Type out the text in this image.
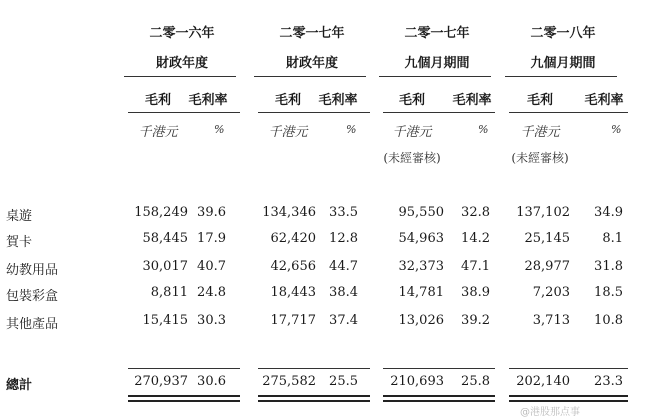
二零一六年
財政年度
毛利	毛利率
千港元	%
二零一七年
財政年度
毛利	毛利率
千港元	%
二零一七年
九個月期間
毛利	毛利率
千港元	%
(未經審核)
二零一八年
九個月期間
毛利	毛利率
千港元	%
(未經審核)
桌遊	158,249 39.6	134,346	33.5	95,550	32.8	137,102	34.9
賀卡	58,445 17.9	62,420	12.8	54,963	14.2	25,145	8.1
幼教用品	30,017 40.7	42,656	44.7	32,373	47.1	28,977	31.8
包裝彩盒	8,811 24.8	18,443	38.4	14,781	38.9	7,203	18.5
其他產品	15,415 30.3	17,717	37.4	13,026	39.2	3,713	10.8
總計	270,937 30.6	275,582	25.5	210,693	25.8	202,140	23.3
@港股那点事
